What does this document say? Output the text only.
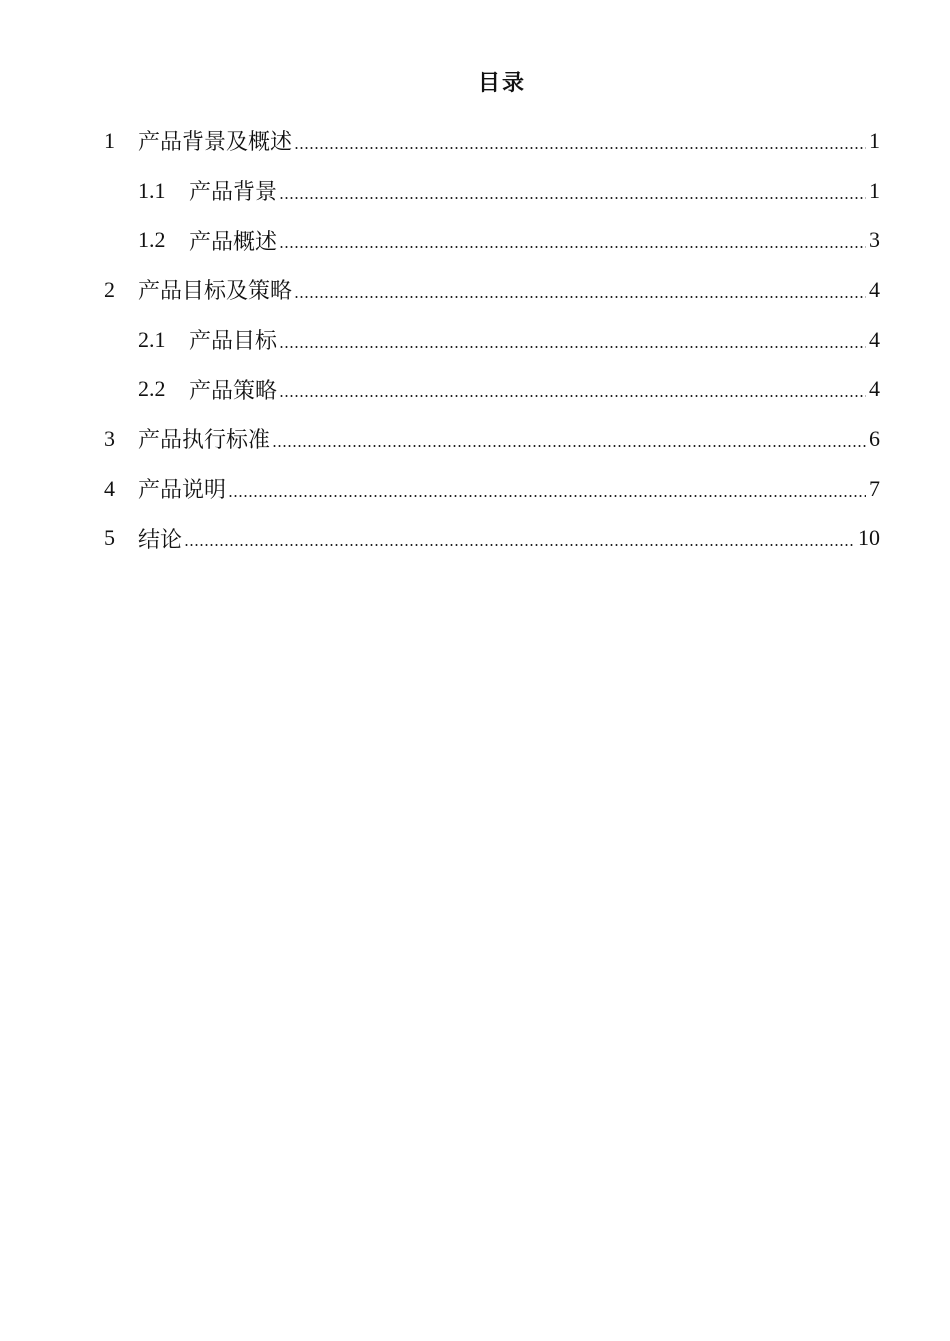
目录
1	产品背景及概述	1
1.1	产品背景	1
1.2	产品概述	3
2	产品目标及策略	4
2.1	产品目标	4
2.2	产品策略	4
3	产品执行标准	6
4	产品说明	7
5	结论	10
